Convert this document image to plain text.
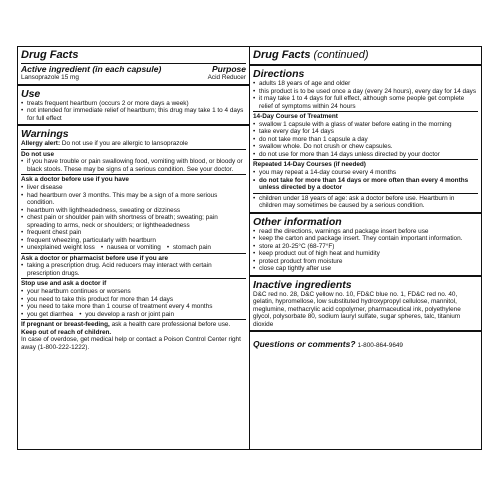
Drug Facts
Active ingredient (in each capsule)	Purpose
Lansoprazole 15 mg	Acid Reducer
Use
• treats frequent heartburn (occurs 2 or more days a week)
• not intended for immediate relief of heartburn; this drug may take 1 to 4 days for full effect
Warnings

Allergy alert: Do not use if you are allergic to lansoprazole

Do not use
• if you have trouble or pain swallowing food, vomiting with blood, or bloody or black stools. These may be signs of a serious condition. See your doctor.
Ask a doctor before use if you have
• liver disease
• had heartburn over 3 months. This may be a sign of a more serious condition.
• heartburn with lightheadedness, sweating or dizziness
• chest pain or shoulder pain with shortness of breath; sweating; pain spreading to arms, neck or shoulders; or lightheadedness
• frequent chest pain
• frequent wheezing, particularly with heartburn
• unexplained weight loss	• nausea or vomiting	• stomach pain
Ask a doctor or pharmacist before use if you are
• taking a prescription drug. Acid reducers may interact with certain prescription drugs.
Stop use and ask a doctor if
• your heartburn continues or worsens
• you need to take this product for more than 14 days
• you need to take more than 1 course of treatment every 4 months
• you get diarrhea	• you develop a rash or joint pain

If pregnant or breast-feeding, ask a health care professional before use.

Keep out of reach of children.

In case of overdose, get medical help or contact a Poison Control Center right away (1-800-222-1222).

Drug Facts (continued)
Directions
• adults 18 years of age and older
• this product is to be used once a day (every 24 hours), every day for 14 days
• it may take 1 to 4 days for full effect, although some people get complete relief of symptoms within 24 hours
14-Day Course of Treatment
• swallow 1 capsule with a glass of water before eating in the morning
• take every day for 14 days
• do not take more than 1 capsule a day
• swallow whole. Do not crush or chew capsules.
• do not use for more than 14 days unless directed by your doctor
Repeated 14-Day Courses (if needed)
• you may repeat a 14-day course every 4 months
• do not take for more than 14 days or more often than every 4 months unless directed by a doctor
• children under 18 years of age: ask a doctor before use. Heartburn in children may sometimes be caused by a serious condition.
Other information
• read the directions, warnings and package insert before use
• keep the carton and package insert. They contain important information.
• store at 20-25°C (68-77°F)
• keep product out of high heat and humidity
• protect product from moisture
• close cap tightly after use
Inactive ingredients

D&C red no. 28, D&C yellow no. 10, FD&C blue no. 1, FD&C red no. 40, gelatin, hypromellose, low substituted hydroxypropyl cellulose, mannitol, meglumine, methacrylic acid copolymer, pharmaceutical ink, polyethylene glycol, polysorbate 80, sodium lauryl sulfate, sugar spheres, talc, titanium dioxide

Questions or comments? 1-800-864-9649
